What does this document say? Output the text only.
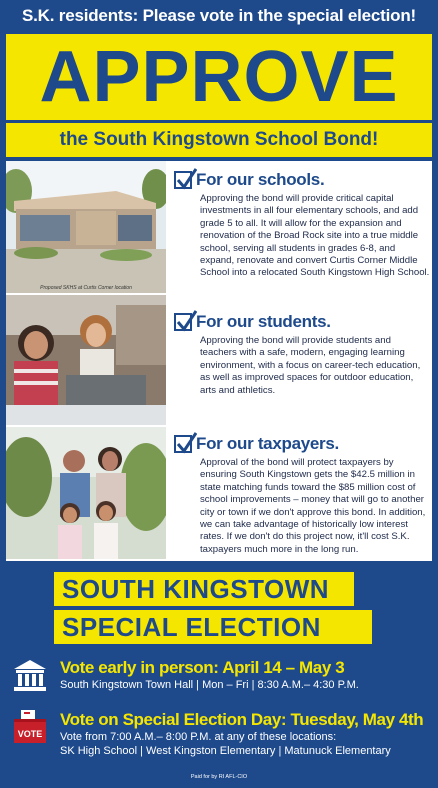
S.K. residents: Please vote in the special election!
APPROVE
the South Kingstown School Bond!
Proposed SKHS at Curtis Corner location
For our schools.
Approving the bond will provide critical capital investments in all four elementary schools, and add grade 5 to all. It will allow for the expansion and renovation of the Broad Rock site into a true middle school, serving all students in grades 6-8, and expand, renovate and convert Curtis Corner Middle School into a relocated South Kingstown High School.
For our students.
Approving the bond will provide students and teachers with a safe, modern, engaging learning environment, with a focus on career-tech education, as well as improved spaces for outdoor education, arts and athletics.
For our taxpayers.
Approval of the bond will protect taxpayers by ensuring South Kingstown gets the $42.5 million in state matching funds toward the $85 million cost of school improvements – money that will go to another city or town if we don't approve this bond. In addition, we can take advantage of historically low interest rates. If we don't do this project now, it'll cost S.K. taxpayers much more in the long run.
SOUTH KINGSTOWN
SPECIAL ELECTION
Vote early in person: April 14 – May 3
South Kingstown Town Hall | Mon – Fri | 8:30 A.M.– 4:30 P.M.
VOTE
Vote on Special Election Day: Tuesday, May 4th
Vote from 7:00 A.M.– 8:00 P.M. at any of these locations:
SK High School | West Kingston Elementary | Matunuck Elementary
Paid for by RI AFL-CIO
